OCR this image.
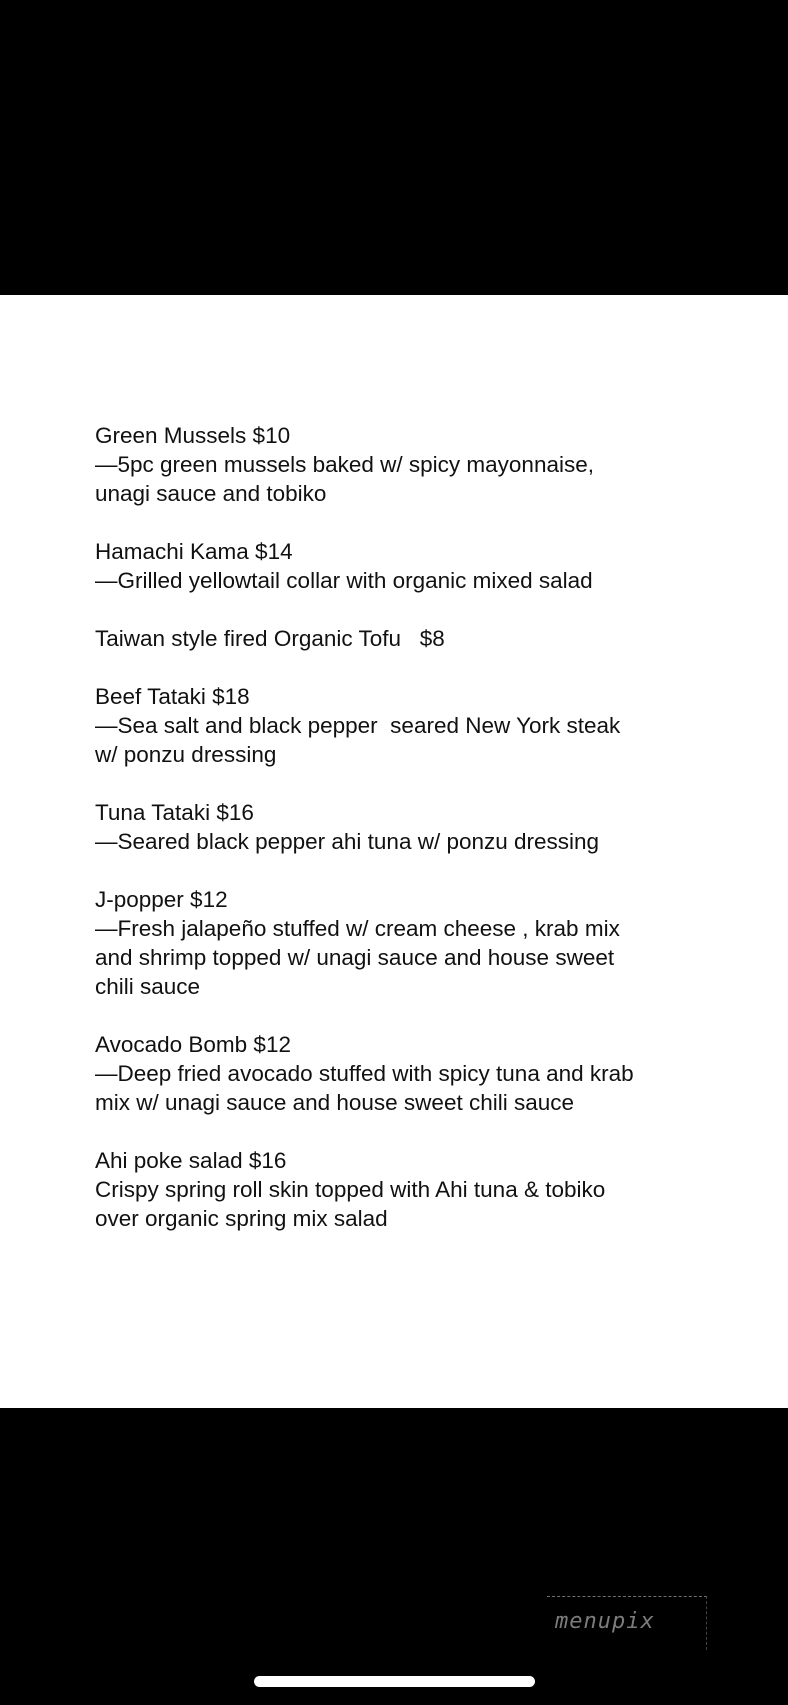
Green Mussels $10

—5pc green mussels baked w/ spicy mayonnaise,

unagi sauce and tobiko

Hamachi Kama $14

—Grilled yellowtail collar with organic mixed salad

Taiwan style fired Organic Tofu   $8

Beef Tataki $18

—Sea salt and black pepper  seared New York steak

w/ ponzu dressing

Tuna Tataki $16

—Seared black pepper ahi tuna w/ ponzu dressing

J-popper $12

—Fresh jalapeño stuffed w/ cream cheese , krab mix

and shrimp topped w/ unagi sauce and house sweet

chili sauce

Avocado Bomb $12

—Deep fried avocado stuffed with spicy tuna and krab

mix w/ unagi sauce and house sweet chili sauce

Ahi poke salad $16

Crispy spring roll skin topped with Ahi tuna & tobiko

over organic spring mix salad

menupix
